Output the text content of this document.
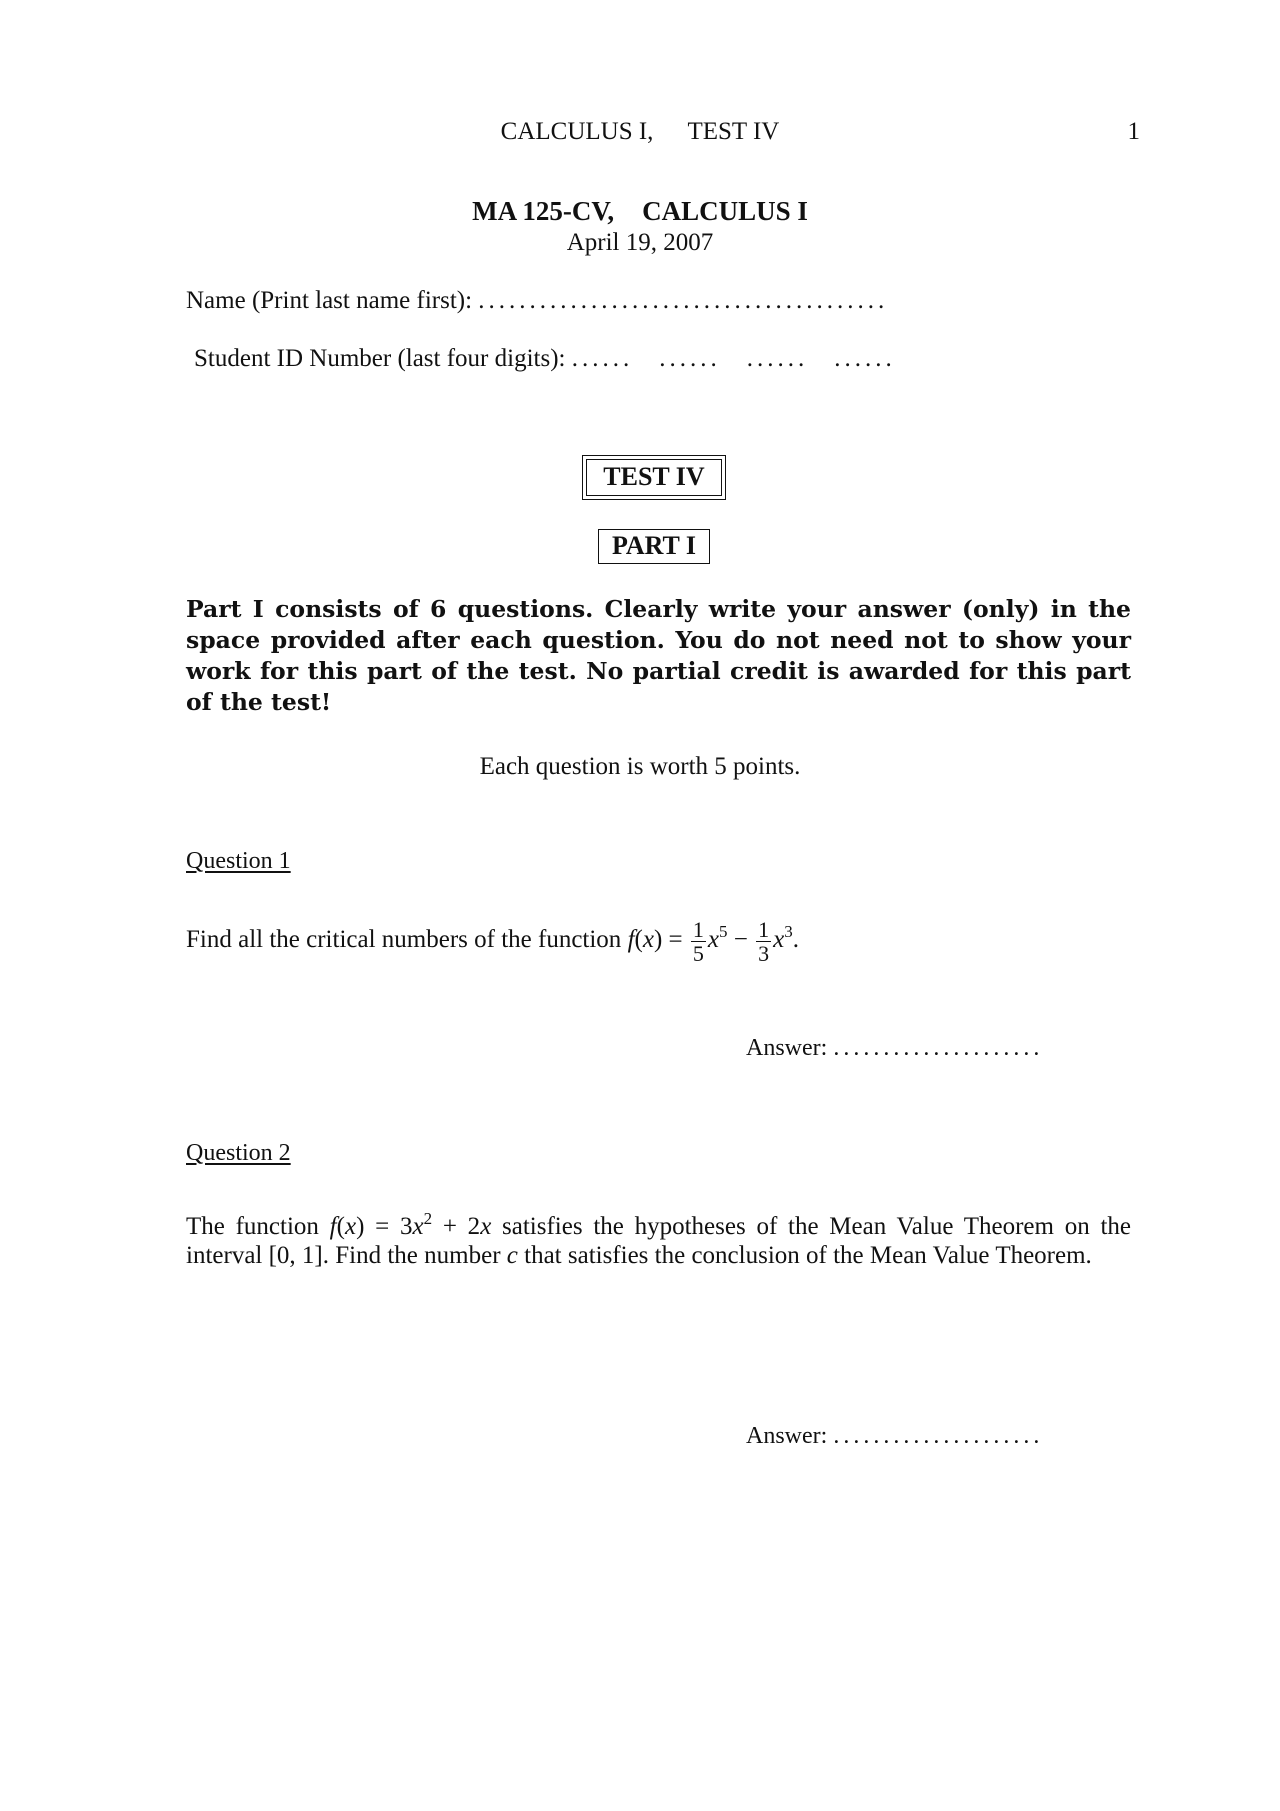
CALCULUS I, TEST IV	1
MA 125-CV, CALCULUS I
April 19, 2007
Name (Print last name first): ........................................
Student ID Number (last four digits): ...... ...... ...... ......
TEST IV
PART I
Part I consists of 6 questions. Clearly write your answer (only) in the space provided after each question. You do not need not to show your work for this part of the test. No partial credit is awarded for this part of the test!
Each question is worth 5 points.
Question 1
Find all the critical numbers of the function $f(x) = \frac{1}{5} x^5 - \frac{1}{3} x^3$.
Answer: .....................
Question 2
The function $f(x) = 3x^2 + 2x$ satisfies the hypotheses of the Mean Value Theorem on the interval [0, 1]. Find the number c that satisfies the conclusion of the Mean Value Theorem.
Answer: .....................
